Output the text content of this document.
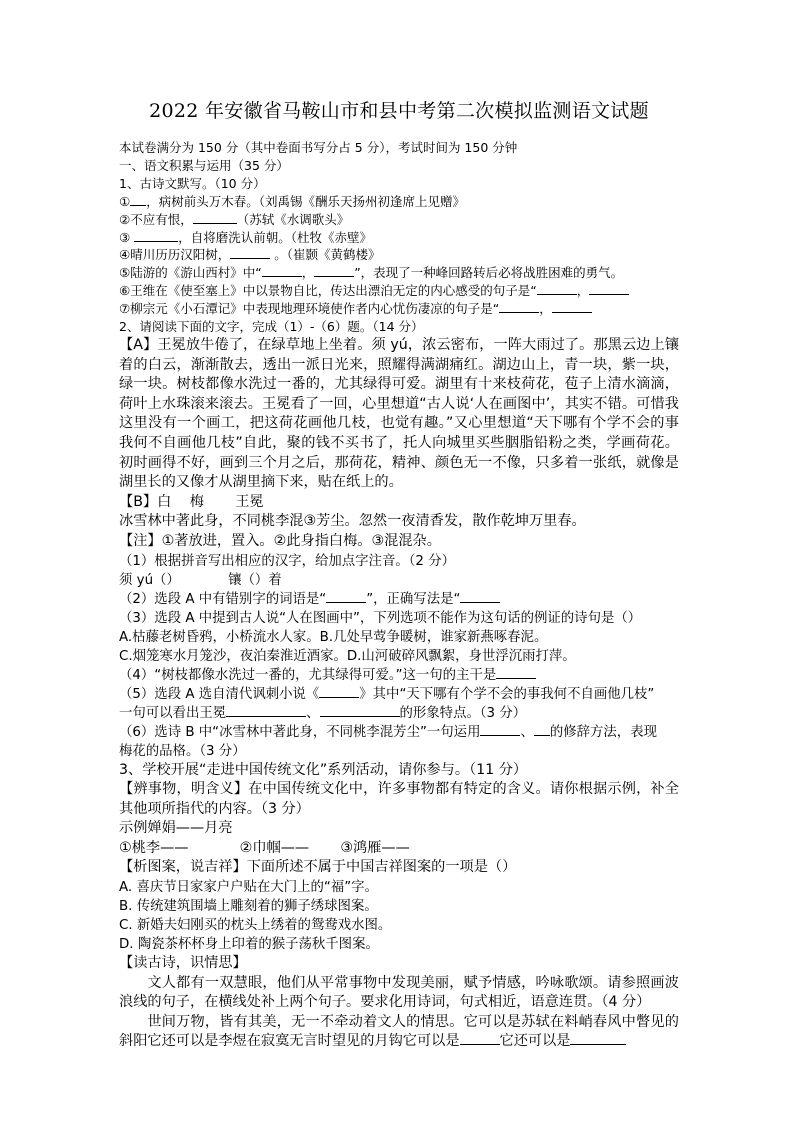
2022 年安徽省马鞍山市和县中考第二次模拟监测语文试题
本试卷满分为 150 分（其中卷面书写分占 5 分），考试时间为 150 分钟
一、语文积累与运用（35 分）
1、古诗文默写。（10 分）
① ，病树前头万木春。（刘禹锡《酬乐天扬州初逢席上见赠》
②不应有恨，	（苏轼《水调歌头》
③	，自将磨洗认前朝。（杜牧《赤壁》
④晴川历历汉阳树，	。（崔颢《黄鹤楼》
⑤陆游的《游山西村》中“	，	”，表现了一种峰回路转后必将战胜困难的勇气。
⑥王维在《使至塞上》中以景物自比，传达出漂泊无定的内心感受的句子是“	，
⑦柳宗元《小石潭记》中表现地理环境使作者内心忧伤凄凉的句子是“	，
2、请阅读下面的文字，完成（1）-（6）题。（14 分）
【A】王冕放牛倦了，在绿草地上坐着。须 yú，浓云密布，一阵大雨过了。那黑云边上镶着的白云，渐渐散去，透出一派日光来，照耀得满湖痛红。湖边山上，青一块，紫一块，绿一块。树枝都像水洗过一番的，尤其绿得可爱。湖里有十来枝荷花，苞子上清水滴滴，荷叶上水珠滚来滚去。王冕看了一回，心里想道“古人说‘人在画图中’，其实不错。可惜我这里没有一个画工，把这荷花画他几枝，也觉有趣。”又心里想道“天下哪有个学不会的事我何不自画他几枝”自此，聚的钱不买书了，托人向城里买些胭脂铅粉之类，学画荷花。初时画得不好，画到三个月之后，那荷花，精神、颜色无一不像，只多着一张纸，就像是湖里长的又像才从湖里摘下来，贴在纸上的。
【B】白 梅 王冕
冰雪林中著此身，不同桃李混③芳尘。忽然一夜清香发，散作乾坤万里春。
【注】①著放进，置入。②此身指白梅。③混混杂。
（1）根据拼音写出相应的汉字，给加点字注音。（2 分）
须 yú（）	镶（）着
（2）选段 A 中有错别字的词语是“	”，正确写法是“
（3）选段 A 中提到古人说“人在图画中”，下列选项不能作为这句话的例证的诗句是（）
A.枯藤老树昏鸦，小桥流水人家。B.几处早莺争暖树，谁家新燕啄春泥。
C.烟笼寒水月笼沙，夜泊秦淮近酒家。D.山河破碎风飘絮，身世浮沉雨打萍。
（4）“树枝都像水洗过一番的，尤其绿得可爱。”这一句的主干是
（5）选段 A 选自清代讽刺小说《	》其中“天下哪有个学不会的事我何不自画他几枝”
一句可以看出王冕	、	的形象特点。（3 分）
（6）选诗 B 中“冰雪林中著此身，不同桃李混芳尘”一句运用	、 的修辞方法，表现
梅花的品格。（3 分）
3、学校开展“走进中国传统文化”系列活动，请你参与。（11 分）
【辨事物，明含义】在中国传统文化中，许多事物都有特定的含义。请你根据示例，补全其他项所指代的内容。（3 分）
示例婵娟——月亮
①桃李——	②巾帼—— ③鸿雁——
【析图案，说吉祥】下面所述不属于中国吉祥图案的一项是（）
A. 喜庆节日家家户户贴在大门上的“福”字。
B. 传统建筑围墙上雕刻着的狮子绣球图案。
C. 新婚夫妇刚买的枕头上绣着的鸳鸯戏水图。
D. 陶瓷茶杯杯身上印着的猴子荡秋千图案。
【读古诗，识情思】
文人都有一双慧眼，他们从平常事物中发现美丽，赋予情感，吟咏歌颂。请参照画波浪线的句子，在横线处补上两个句子。要求化用诗词，句式相近，语意连贯。（4 分）
世间万物，皆有其美，无一不牵动着文人的情思。它可以是苏轼在料峭春风中瞥见的斜阳它还可以是李煜在寂寞无言时望见的月钩它可以是	它还可以是
